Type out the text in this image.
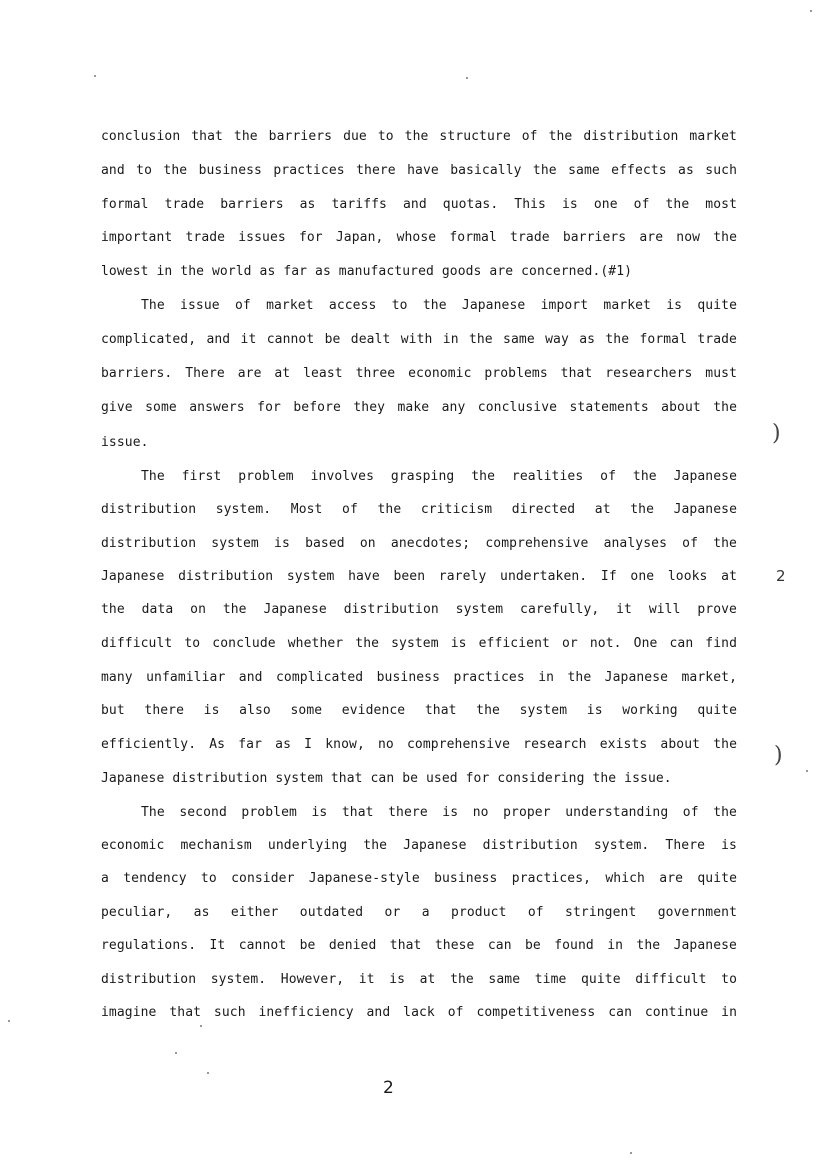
conclusion that the barriers due to the structure of the distribution market
and to the business practices there have basically the same effects as such
formal trade barriers as tariffs and quotas. This is one of the most
important trade issues for Japan, whose formal trade barriers are now the
lowest in the world as far as manufactured goods are concerned.(#1)
The issue of market access to the Japanese import market is quite
complicated, and it cannot be dealt with in the same way as the formal trade
barriers. There are at least three economic problems that researchers must
give some answers for before they make any conclusive statements about the
issue.
The first problem involves grasping the realities of the Japanese
distribution system. Most of the criticism directed at the Japanese
distribution system is based on anecdotes; comprehensive analyses of the
Japanese distribution system have been rarely undertaken. If one looks at
the data on the Japanese distribution system carefully, it will prove
difficult to conclude whether the system is efficient or not. One can find
many unfamiliar and complicated business practices in the Japanese market,
but there is also some evidence that the system is working quite
efficiently. As far as I know, no comprehensive research exists about the
Japanese distribution system that can be used for considering the issue.
The second problem is that there is no proper understanding of the
economic mechanism underlying the Japanese distribution system. There is
a tendency to consider Japanese-style business practices, which are quite
peculiar, as either outdated or a product of stringent government
regulations. It cannot be denied that these can be found in the Japanese
distribution system. However, it is at the same time quite difficult to
imagine that such inefficiency and lack of competitiveness can continue in
)
2
)
2
